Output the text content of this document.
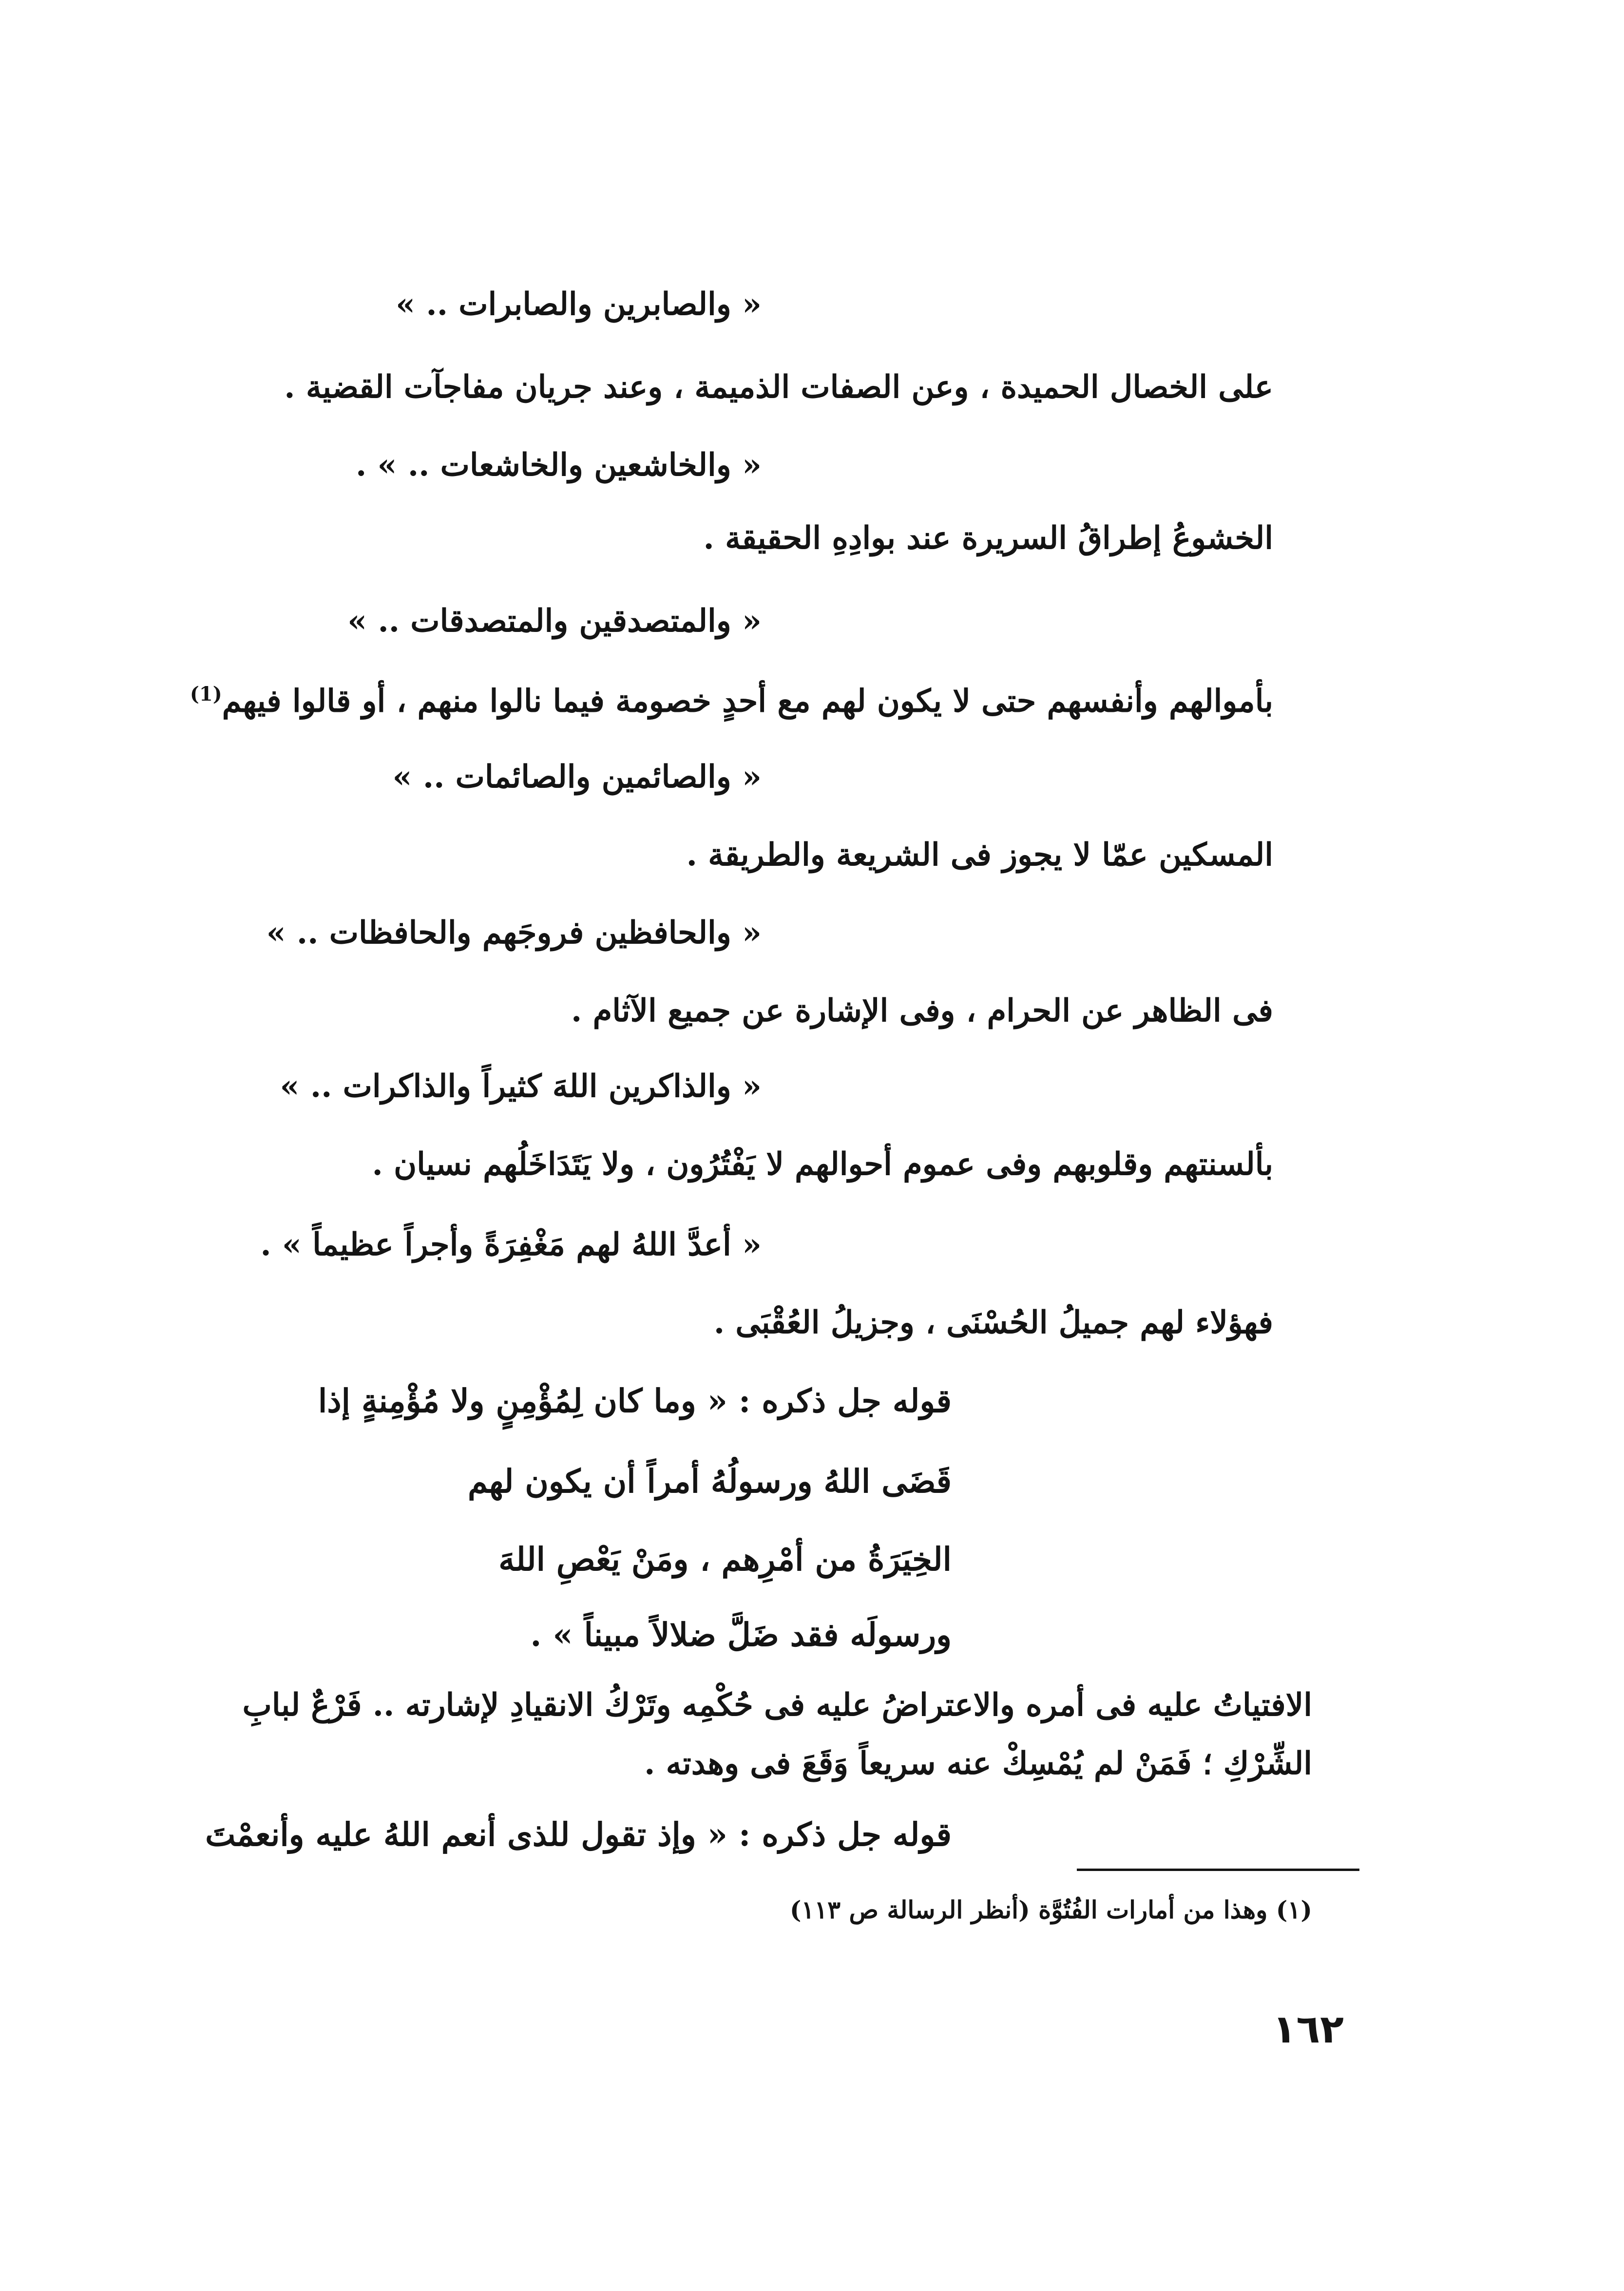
« والصابرين والصابرات .. »
على الخصال الحميدة ، وعن الصفات الذميمة ، وعند جريان مفاجآت القضية .
« والخاشعين والخاشعات .. » .
الخشوعُ إطراقُ السريرة عند بوادِهِ الحقيقة .
« والمتصدقين والمتصدقات .. »
بأموالهم وأنفسهم حتى لا يكون لهم مع أحدٍ خصومة فيما نالوا منهم ، أو قالوا فيهم$^{(1)}$
« والصائمين والصائمات .. »
المسكين عمّا لا يجوز فى الشريعة والطريقة .
« والحافظين فروجَهم والحافظات .. »
فى الظاهر عن الحرام ، وفى الإشارة عن جميع الآثام .
« والذاكرين اللهَ كثيراً والذاكرات .. »
بألسنتهم وقلوبهم وفى عموم أحوالهم لا يَفْتُرُون ، ولا يَتَدَاخَلُهم نسيان .
« أعدَّ اللهُ لهم مَغْفِرَةً وأجراً عظيماً » .
فهؤلاء لهم جميلُ الحُسْنَى ، وجزيلُ العُقْبَى .
قوله جل ذكره : « وما كان لِمُؤْمِنٍ ولا مُؤْمِنةٍ إذا
قَضَى اللهُ ورسولُهُ أمراً أن يكون لهم
الخِيَرَةُ من أمْرِهم ، ومَنْ يَعْصِ اللهَ
ورسولَه فقد ضَلَّ ضلالاً مبيناً » .
الافتياتُ عليه فى أمره والاعتراضُ عليه فى حُكْمِه وتَرْكُ الانقيادِ لإشارته .. فَرْعٌ لبابِ
الشِّرْكِ ؛ فَمَنْ لم يُمْسِكْ عنه سريعاً وَقَعَ فى وهدته .
قوله جل ذكره : « وإذ تقول للذى أنعم اللهُ عليه وأنعمْتَ
(١) وهذا من أمارات الفُتُوَّة (أنظر الرسالة ص ١١٣)
١٦٢
